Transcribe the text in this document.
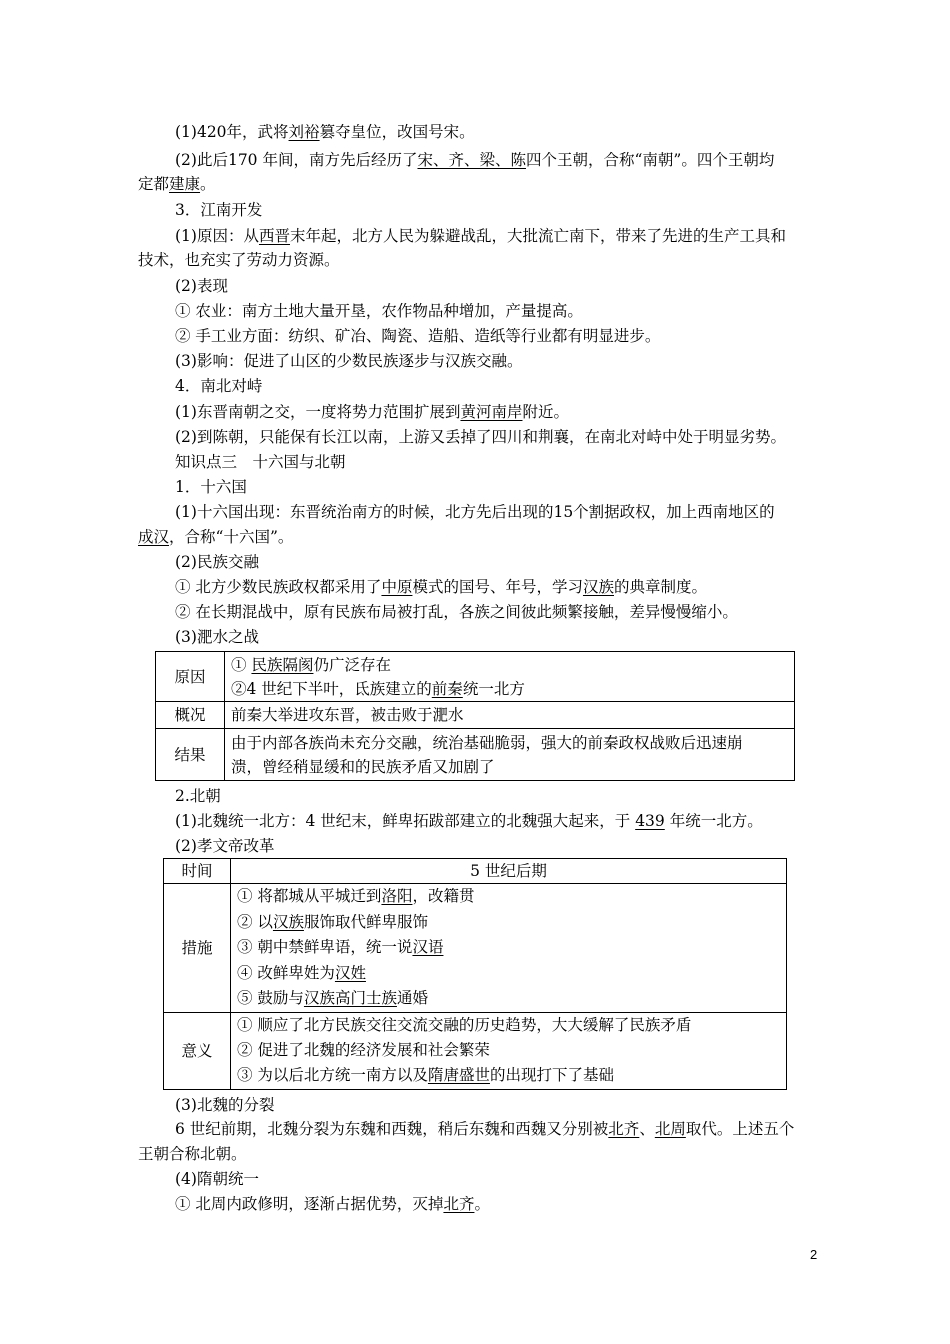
(1)420年，武将刘裕篡夺皇位，改国号宋。
(2)此后170 年间，南方先后经历了宋、齐、梁、陈四个王朝，合称“南朝”。四个王朝均
定都建康。
3．江南开发
(1)原因：从西晋末年起，北方人民为躲避战乱，大批流亡南下，带来了先进的生产工具和
技术，也充实了劳动力资源。
(2)表现
① 农业：南方土地大量开垦，农作物品种增加，产量提高。
② 手工业方面：纺织、矿冶、陶瓷、造船、造纸等行业都有明显进步。
(3)影响：促进了山区的少数民族逐步与汉族交融。
4．南北对峙
(1)东晋南朝之交，一度将势力范围扩展到黄河南岸附近。
(2)到陈朝，只能保有长江以南，上游又丢掉了四川和荆襄，在南北对峙中处于明显劣势。
知识点三　十六国与北朝
1．十六国
(1)十六国出现：东晋统治南方的时候，北方先后出现的15个割据政权，加上西南地区的
成汉，合称“十六国”。
(2)民族交融
① 北方少数民族政权都采用了中原模式的国号、年号，学习汉族的典章制度。
② 在长期混战中，原有民族布局被打乱，各族之间彼此频繁接触，差异慢慢缩小。
(3)淝水之战
原因	① 民族隔阂仍广泛存在
②4 世纪下半叶，氐族建立的前秦统一北方

概况	前秦大举进攻东晋，被击败于淝水
结果	由于内部各族尚未充分交融，统治基础脆弱，强大的前秦政权战败后迅速崩
溃，曾经稍显缓和的民族矛盾又加剧了
2.北朝
(1)北魏统一北方：4 世纪末，鲜卑拓跋部建立的北魏强大起来，于 439 年统一北方。
(2)孝文帝改革
时间	5 世纪后期
措施	① 将都城从平城迁到洛阳，改籍贯
② 以汉族服饰取代鲜卑服饰
③ 朝中禁鲜卑语，统一说汉语
④ 改鲜卑姓为汉姓
⑤ 鼓励与汉族高门士族通婚

意义	① 顺应了北方民族交往交流交融的历史趋势，大大缓解了民族矛盾
② 促进了北魏的经济发展和社会繁荣
③ 为以后北方统一南方以及隋唐盛世的出现打下了基础
(3)北魏的分裂
6 世纪前期，北魏分裂为东魏和西魏，稍后东魏和西魏又分别被北齐、北周取代。上述五个
王朝合称北朝。
(4)隋朝统一
① 北周内政修明，逐渐占据优势，灭掉北齐。
2
